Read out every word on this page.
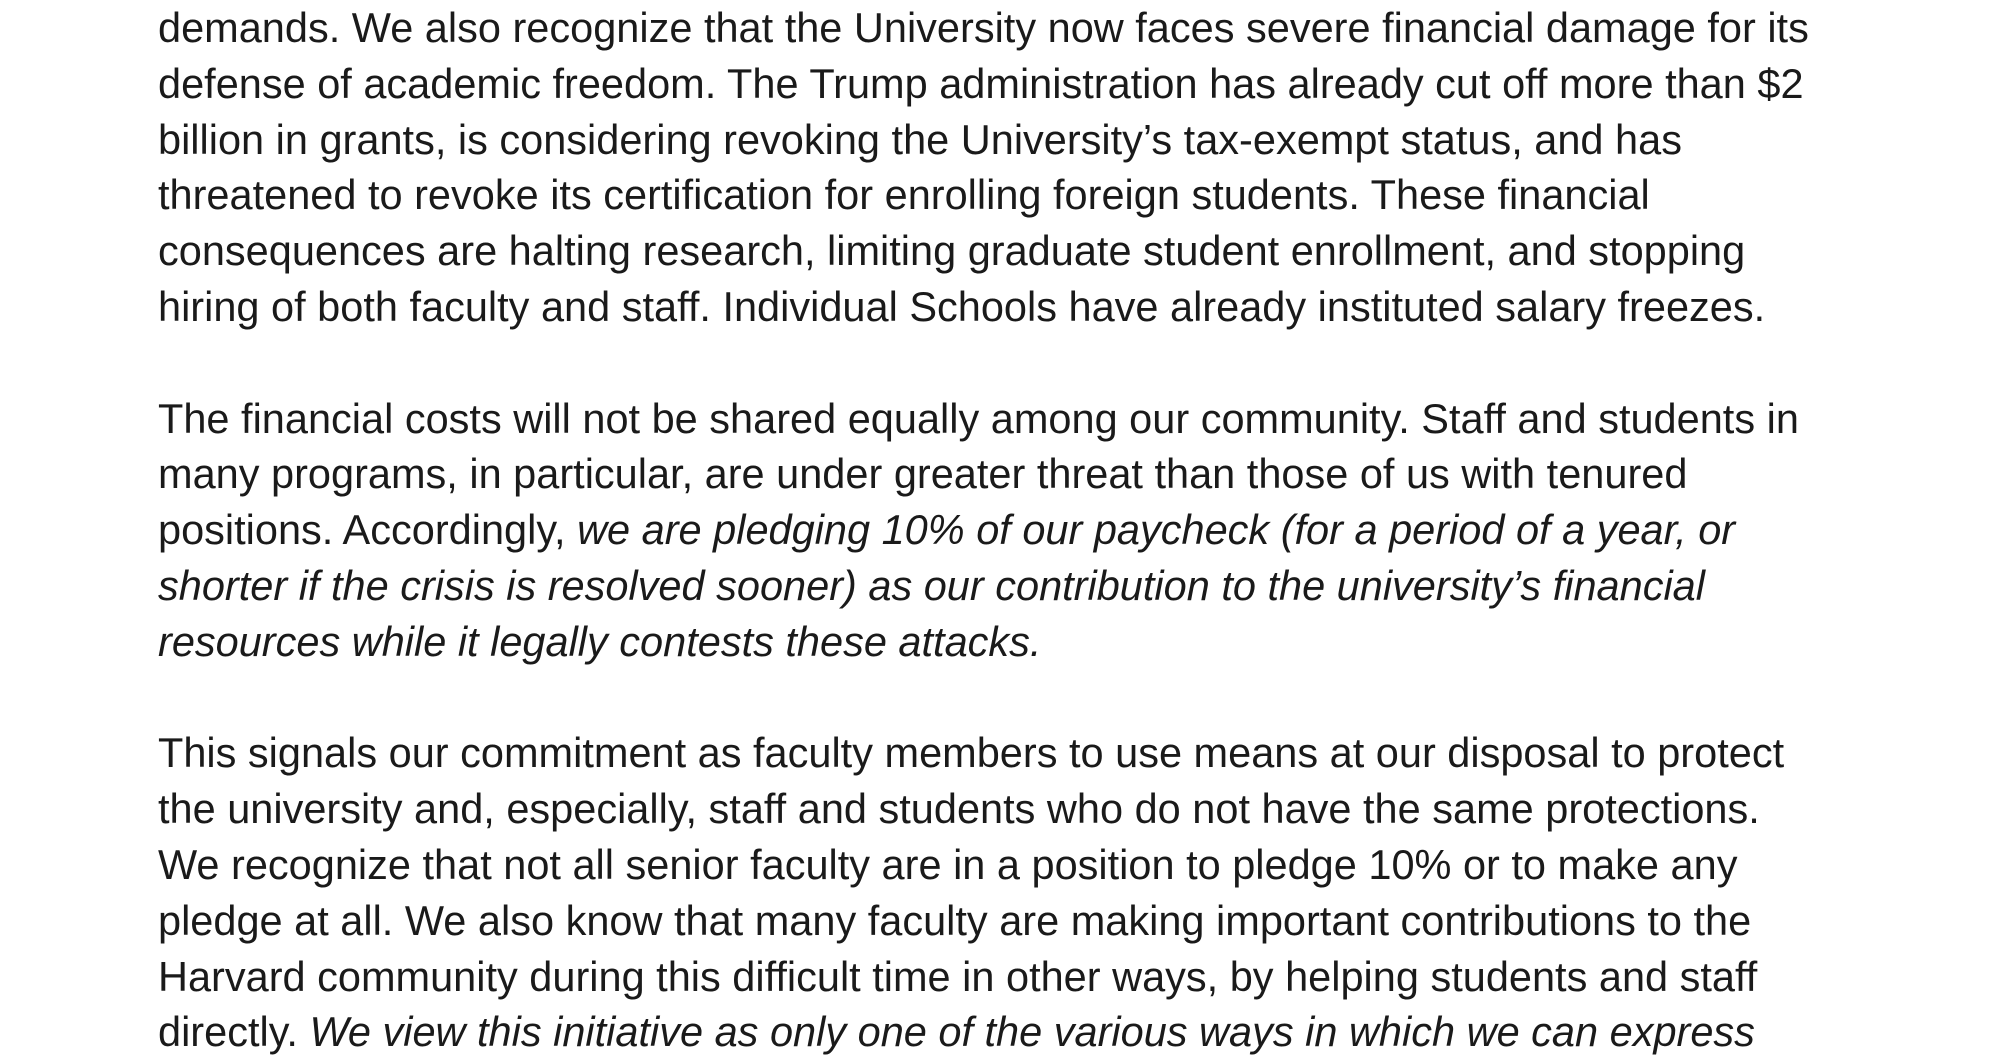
demands. We also recognize that the University now faces severe financial damage for its
defense of academic freedom. The Trump administration has already cut off more than $2
billion in grants, is considering revoking the University’s tax-exempt status, and has
threatened to revoke its certification for enrolling foreign students. These financial
consequences are halting research, limiting graduate student enrollment, and stopping
hiring of both faculty and staff. Individual Schools have already instituted salary freezes.
The financial costs will not be shared equally among our community. Staff and students in
many programs, in particular, are under greater threat than those of us with tenured
positions. Accordingly, we are pledging 10% of our paycheck (for a period of a year, or
shorter if the crisis is resolved sooner) as our contribution to the university’s financial
resources while it legally contests these attacks.
This signals our commitment as faculty members to use means at our disposal to protect
the university and, especially, staff and students who do not have the same protections.
We recognize that not all senior faculty are in a position to pledge 10% or to make any
pledge at all. We also know that many faculty are making important contributions to the
Harvard community during this difficult time in other ways, by helping students and staff
directly. We view this initiative as only one of the various ways in which we can express
